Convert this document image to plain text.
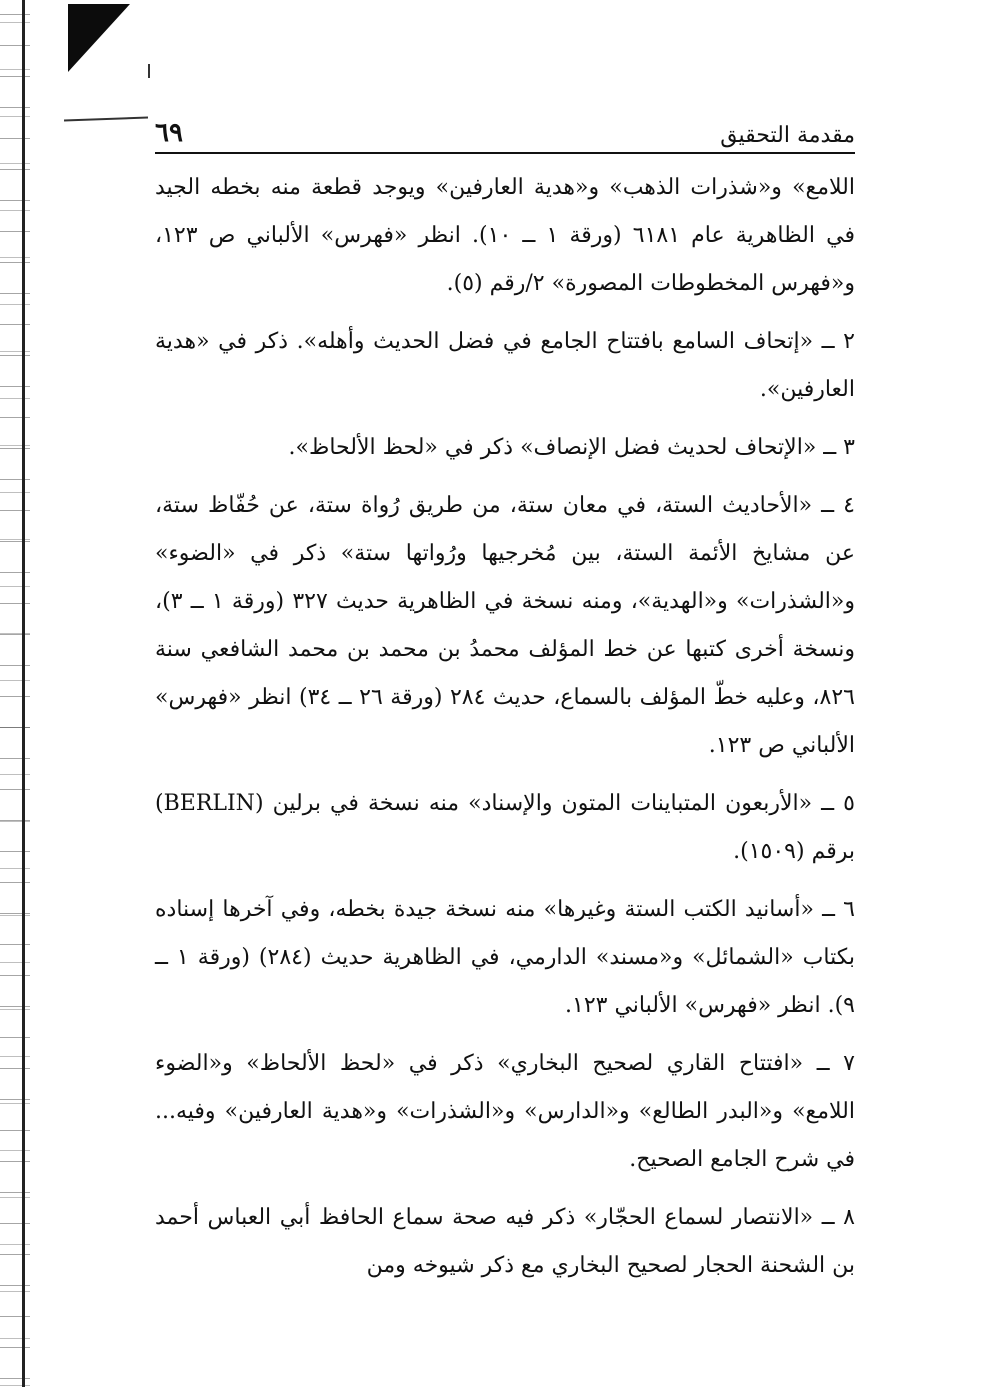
مقدمة التحقيق
٦٩

اللامع» و«شذرات الذهب» و«هدية العارفين» ويوجد قطعة منه بخطه الجيد في الظاهرية عام ٦١٨١ (ورقة ١ ــ ١٠). انظر «فهرس» الألباني ص ١٢٣، و«فهرس المخطوطات المصورة» ٢/رقم (٥).

٢ ــ «إتحاف السامع بافتتاح الجامع في فضل الحديث وأهله». ذكر في «هدية العارفين».

٣ ــ «الإتحاف لحديث فضل الإنصاف» ذكر في «لحظ الألحاظ».

٤ ــ «الأحاديث الستة، في معان ستة، من طريق رُواة ستة، عن حُفّاظ ستة، عن مشايخ الأئمة الستة، بين مُخرجيها ورُواتها ستة» ذكر في «الضوء» و«الشذرات» و«الهدية»، ومنه نسخة في الظاهرية حديث ٣٢٧ (ورقة ١ ــ ٣)، ونسخة أخرى كتبها عن خط المؤلف محمدُ بن محمد بن محمد الشافعي سنة ٨٢٦، وعليه خطّ المؤلف بالسماع، حديث ٢٨٤ (ورقة ٢٦ ــ ٣٤) انظر «فهرس» الألباني ص ١٢٣.

٥ ــ «الأربعون المتباينات المتون والإسناد» منه نسخة في برلين (BERLIN) برقم (١٥٠٩).

٦ ــ «أسانيد الكتب الستة وغيرها» منه نسخة جيدة بخطه، وفي آخرها إسناده بكتاب «الشمائل» و«مسند» الدارمي، في الظاهرية حديث (٢٨٤) (ورقة ١ ــ ٩). انظر «فهرس» الألباني ١٢٣.

٧ ــ «افتتاح القاري لصحيح البخاري» ذكر في «لحظ الألحاظ» و«الضوء اللامع» و«البدر الطالع» و«الدارس» و«الشذرات» و«هدية العارفين» وفيه... في شرح الجامع الصحيح.

٨ ــ «الانتصار لسماع الحجّار» ذكر فيه صحة سماع الحافظ أبي العباس أحمد بن الشحنة الحجار لصحيح البخاري مع ذكر شيوخه ومن
